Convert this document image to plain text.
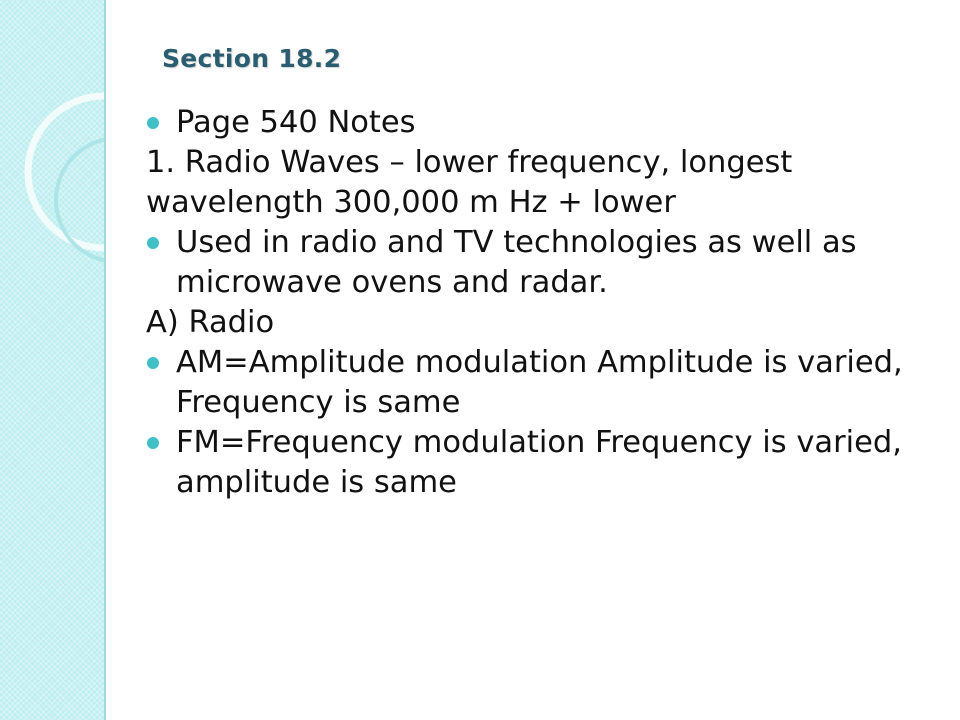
Section 18.2
Page 540 Notes
1. Radio Waves – lower frequency, longest wavelength 300,000 m Hz + lower
Used in radio and TV technologies as well as microwave ovens and radar.
A) Radio
AM=Amplitude modulation Amplitude is varied, Frequency is same
FM=Frequency modulation Frequency is varied, amplitude is same
